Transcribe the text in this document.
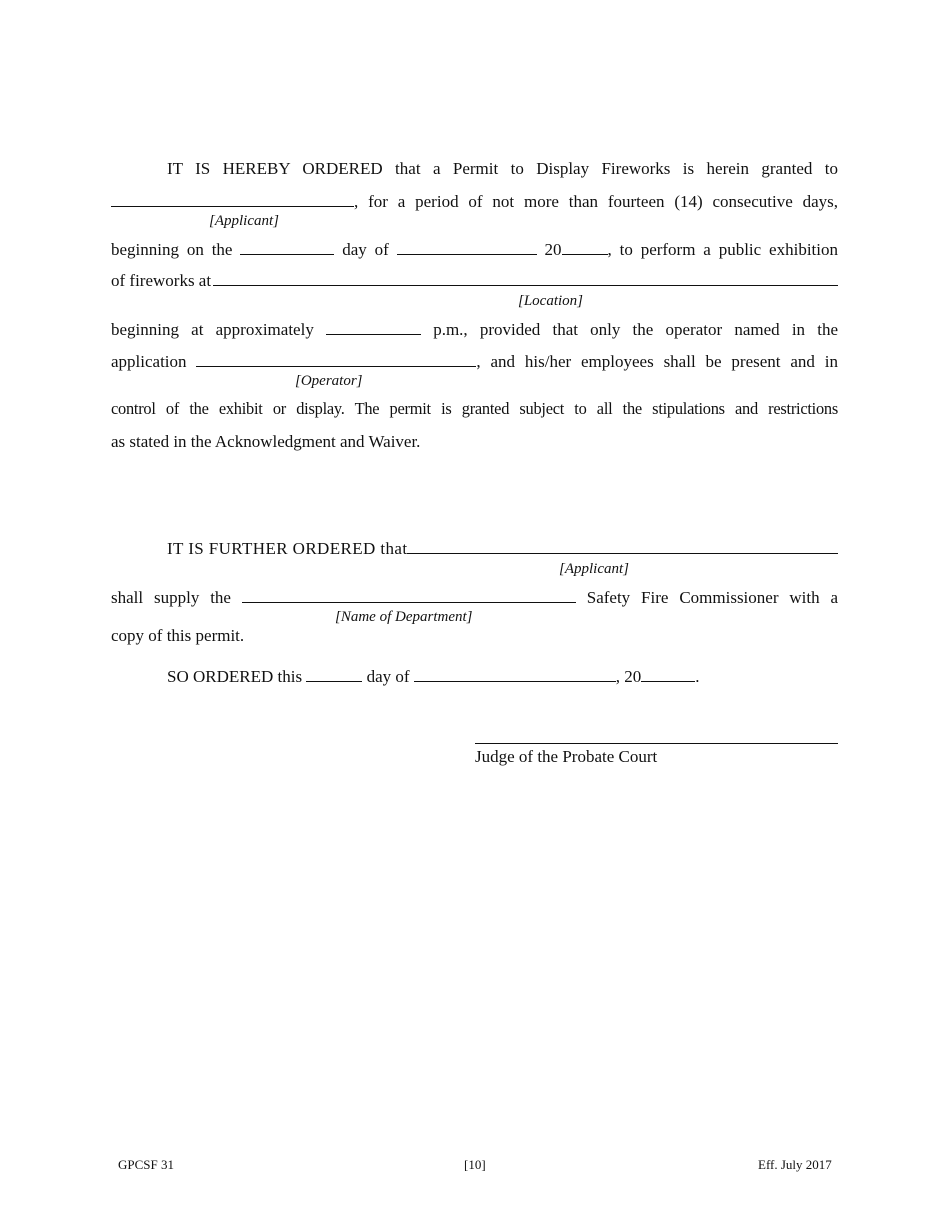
IT IS HEREBY ORDERED that a Permit to Display Fireworks is herein granted to
, for a period of not more than fourteen (14) consecutive days,
[Applicant]
beginning on the	day of	20	, to perform a public exhibition
of fireworks at
[Location]
beginning at approximately	p.m., provided that only the operator named in the
application	, and his/her employees shall be present and in
[Operator]
control of the exhibit or display. The permit is granted subject to all the stipulations and restrictions
as stated in the Acknowledgment and Waiver.
IT IS FURTHER ORDERED that
[Applicant]
shall supply the	Safety Fire Commissioner with a
[Name of Department]
copy of this permit.
SO ORDERED this	day of	, 20	.
Judge of the Probate Court
GPCSF 31	[10]	Eff. July 2017
